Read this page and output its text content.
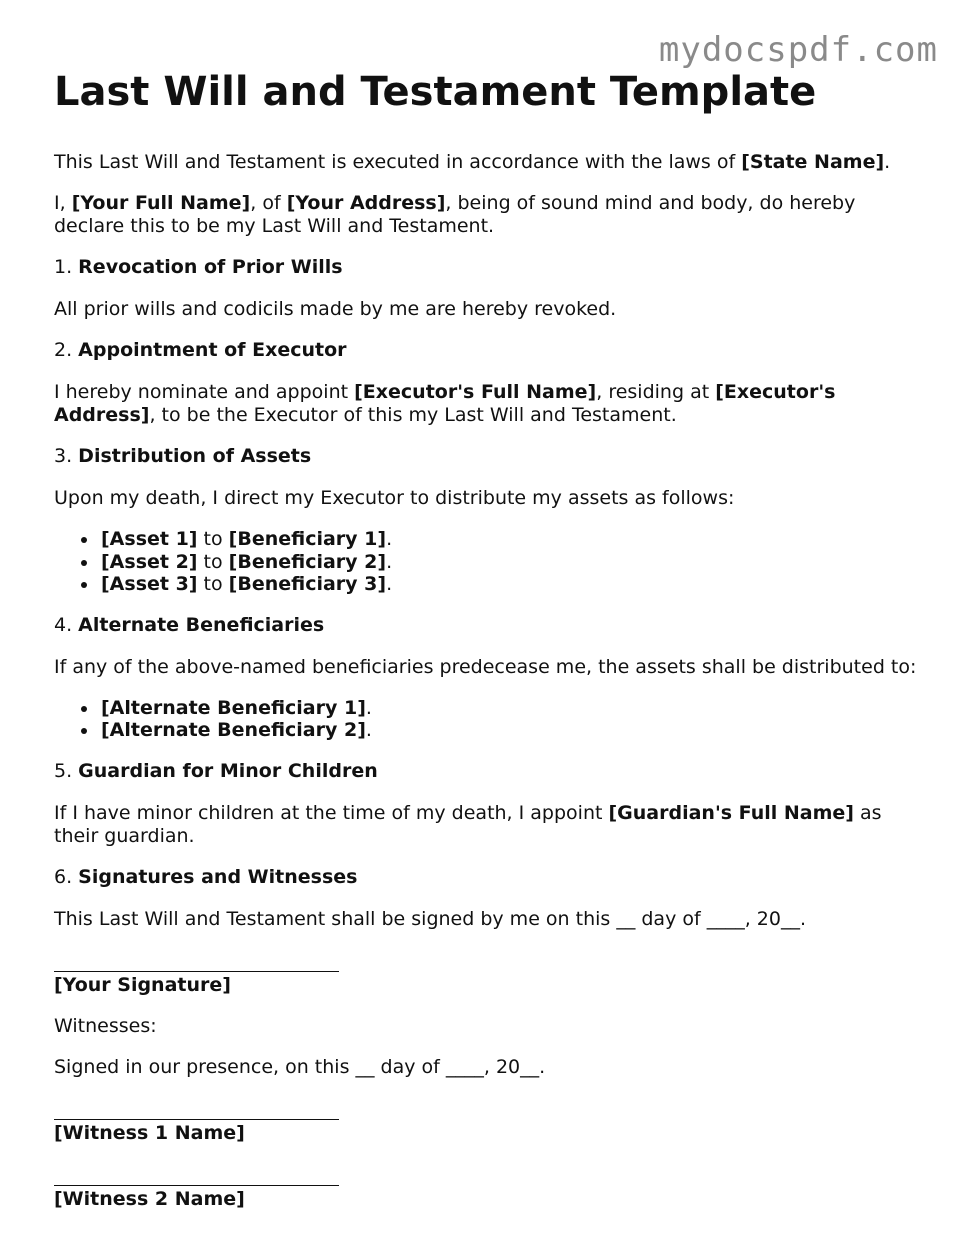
mydocspdf.com
Last Will and Testament Template

This Last Will and Testament is executed in accordance with the laws of [State Name].

I, [Your Full Name], of [Your Address], being of sound mind and body, do hereby declare this to be my Last Will and Testament.

1. Revocation of Prior Wills

All prior wills and codicils made by me are hereby revoked.

2. Appointment of Executor

I hereby nominate and appoint [Executor's Full Name], residing at [Executor's Address], to be the Executor of this my Last Will and Testament.

3. Distribution of Assets

Upon my death, I direct my Executor to distribute my assets as follows:

[Asset 1] to [Beneficiary 1].
[Asset 2] to [Beneficiary 2].
[Asset 3] to [Beneficiary 3].

4. Alternate Beneficiaries

If any of the above-named beneficiaries predecease me, the assets shall be distributed to:

[Alternate Beneficiary 1].
[Alternate Beneficiary 2].

5. Guardian for Minor Children

If I have minor children at the time of my death, I appoint [Guardian's Full Name] as their guardian.

6. Signatures and Witnesses

This Last Will and Testament shall be signed by me on this __ day of ____, 20__.

[Your Signature]

Witnesses:

Signed in our presence, on this __ day of ____, 20__.

[Witness 1 Name]

[Witness 2 Name]
